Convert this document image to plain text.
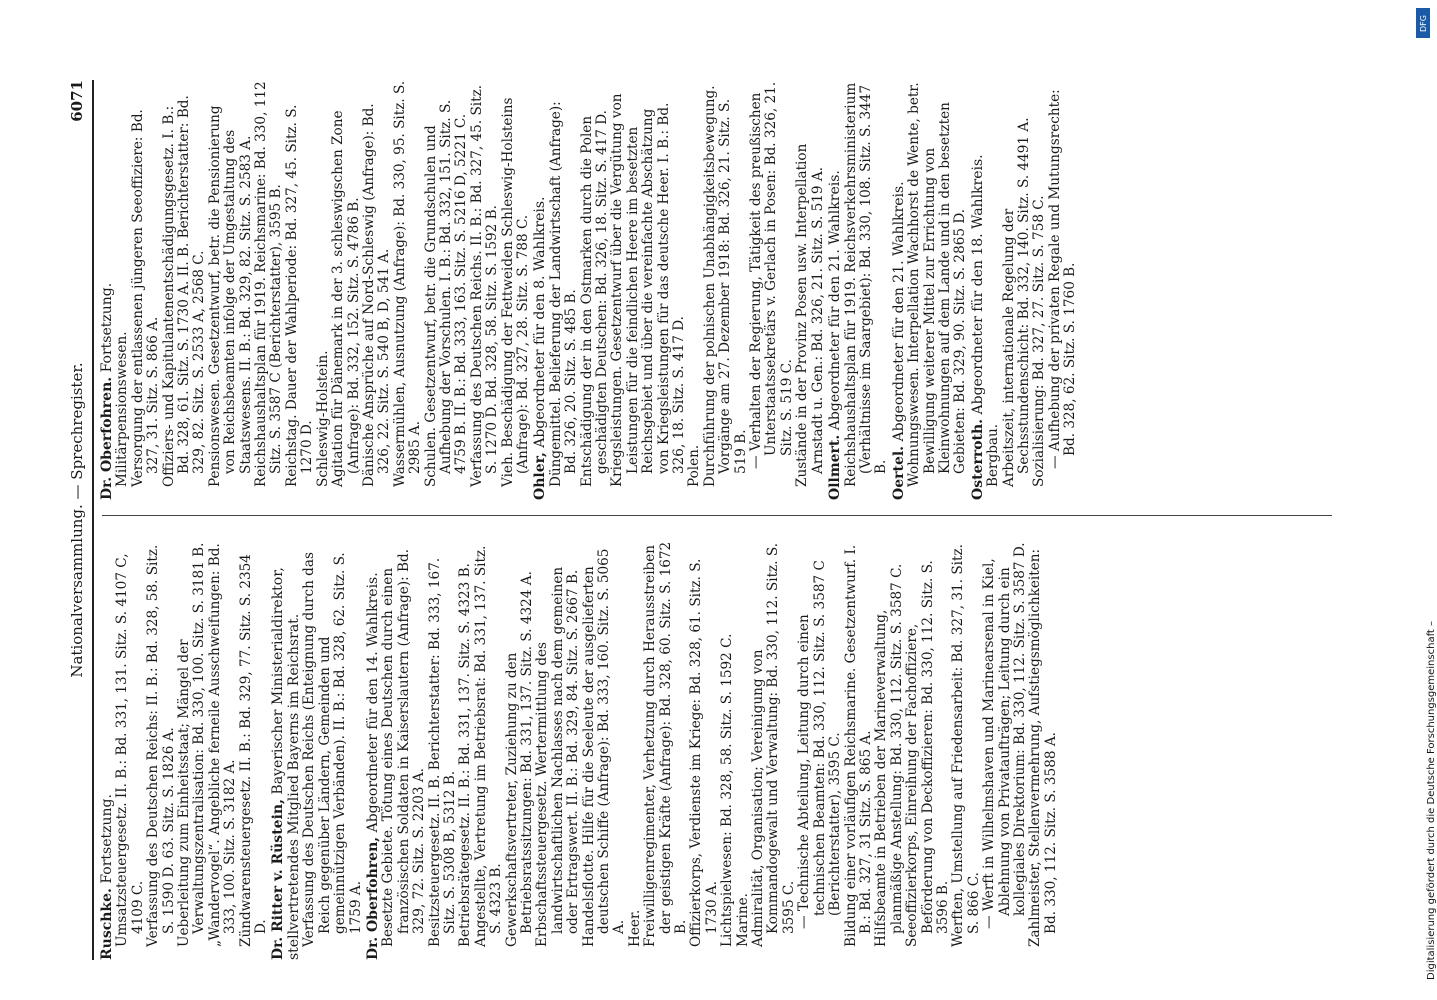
Nationalversammlung. — Sprechregister.
6071
Ruschke. Fortsetzung. Umsatzsteuergesetz. II. B.: Bd. 331, 131. Sitz. S. 4107 C, 4109 C. Verfassung des Deutschen Reichs: II. B.: Bd. 328, 58. Sitz. S. 1590 D. 63. Sitz. S. 1826 A. Ueberleitung zum Einheitsstaat; Mängel der Verwaltungszentralisation: Bd. 330, 100. Sitz. S. 3181 B. „Wandervogel“. Angebliche ferneile Ausschweifungen: Bd. 333, 100. Sitz. S. 3182 A. Zündwarensteuergesetz. II. B.: Bd. 329, 77. Sitz. S. 2354 D. Dr. Ritter v. Rüstein, Bayerischer Ministerialdirektor, stellvertretendes Mitglied Bayerns im Reichsrat. Verfassung des Deutschen Reichs (Enteignung durch das Reich gegenüber Ländern, Gemeinden und gemeinnützigen Verbänden). II. B.: Bd. 328, 62. Sitz. S. 1759 A. Dr. Oberfohren, Abgeordneter für den 14. Wahlkreis. Besetzte Gebiete. Tötung eines Deutschen durch einen französischen Soldaten in Kaiserslautern (Anfrage): Bd. 329, 72. Sitz. S. 2203 A. Besitzsteuergesetz. II. B. Berichterstatter: Bd. 333, 167. Sitz. S. 5308 B, 5312 B. Betriebsrätegesetz. II. B.: Bd. 331, 137. Sitz. S. 4323 B. Angestellte, Vertretung im Betriebsrat: Bd. 331, 137. Sitz. S. 4323 B. Gewerkschaftsvertreter, Zuziehung zu den Betriebsratssitzungen: Bd. 331, 137. Sitz. S. 4324 A. Erbschaftssteuergesetz. Wertermittlung des landwirtschaftlichen Nachlasses nach dem gemeinen oder Ertragswert. II. B.: Bd. 329, 84. Sitz. S. 2667 B. Handelsflotte. Hilfe für die Seeleute der ausgelieferten deutschen Schiffe (Anfrage): Bd. 333, 160. Sitz. S. 5065 A. Heer. Freiwilligenregimenter, Verhetzung durch Herausstreiben der geistigen Kräfte (Anfrage): Bd. 328, 60. Sitz. S. 1672 B. Offizierkorps, Verdienste im Kriege: Bd. 328, 61. Sitz. S. 1730 A. Lichtspielwesen: Bd. 328, 58. Sitz. S. 1592 C. Marine. Admiralität, Organisation; Vereinigung von Kommandogewalt und Verwaltung: Bd. 330, 112. Sitz. S. 3595 C. — Technische Abteilung, Leitung durch einen technischen Beamten: Bd. 330, 112. Sitz. S. 3587 C (Berichterstatter), 3595 C. Bildung einer vorläufigen Reichsmarine. Gesetzentwurf. I. B.: Bd. 327, 31 Sitz. S. 865 A. Hilfsbeamte in Betrieben der Marineverwaltung, planmäßige Anstellung: Bd. 330, 112. Sitz. S. 3587 C. Seeoffizierkorps, Einreihung der Fachoffiziere, Beförderung von Deckoffizieren: Bd. 330, 112. Sitz. S. 3596 B. Werften, Umstellung auf Friedensarbeit: Bd. 327, 31. Sitz. S. 866 C. — Werft in Wilhelmshaven und Marinearsenal in Kiel, Ablehnung von Privataufträgen; Leitung durch ein kollegiales Direktorium: Bd. 330, 112. Sitz. S. 3587 D. Zahlmeister, Stellenvermehrung, Aufstiegsmöglichkeiten: Bd. 330, 112. Sitz. S. 3588 A.
Dr. Oberfohren. Fortsetzung.
Militärpensionswesen. Versorgung der entlassenen jüngeren Seeoffiziere: Bd. 327, 31. Sitz. S. 866 A. Offiziers- und Kapitulantenentschädigungsgesetz. I. B.: Bd. 328, 61. Sitz. S. 1730 A. II. B. Berichterstatter: Bd. 329, 82. Sitz. S. 2533 A, 2568 C. Pensionswesen. Gesetzentwurf, betr. die Pensionierung von Reichsbeamten infolge der Umgestaltung des Staatswesens. II. B.: Bd. 329, 82. Sitz. S. 2583 A. Reichshaushaltsplan für 1919. Reichsmarine: Bd. 330, 112 Sitz. S. 3587 C (Berichterstatter), 3595 B. Reichstag. Dauer der Wahlperiode: Bd. 327, 45. Sitz. S. 1270 D. Schleswig-Holstein. Agitation für Dänemark in der 3. schleswigschen Zone (Anfrage): Bd. 332, 152. Sitz. S. 4786 B. Dänische Ansprüche auf Nord-Schleswig (Anfrage): Bd. 326, 22. Sitz. S. 540 B, D, 541 A. Wassermühlen, Ausnutzung (Anfrage): Bd. 330, 95. Sitz. S. 2985 A. Schulen. Gesetzentwurf, betr. die Grundschulen und Aufhebung der Vorschulen. I. B.: Bd. 332, 151. Sitz. S. 4759 B. II. B.: Bd. 333, 163. Sitz. S. 5216 D, 5221 C. Verfassung des Deutschen Reichs. II. B.: Bd. 327, 45. Sitz. S. 1270 D. Bd. 328, 58. Sitz. S. 1592 B. Vieh. Beschädigung der Fettweiden Schleswig-Holsteins (Anfrage): Bd. 327, 28. Sitz. S. 788 C.
Ohler, Abgeordneter für den 8. Wahlkreis. Düngemittel. Belieferung der Landwirtschaft (Anfrage): Bd. 326, 20. Sitz. S. 485 B. Entschädigung der in den Ostmarken durch die Polen geschädigten Deutschen: Bd. 326, 18. Sitz. S. 417 D. Kriegsleistungen. Gesetzentwurf über die Vergütung von Leistungen für die feindlichen Heere im besetzten Reichsgebiet und über die vereinfachte Abschätzung von Kriegsleistungen für das deutsche Heer. I. B.: Bd. 326, 18. Sitz. S. 417 D. Polen. Durchführung der polnischen Unabhängigkeitsbewegung. Vorgänge am 27. Dezember 1918: Bd. 326, 21. Sitz. S. 519 B. — Verhalten der Regierung, Tätigkeit des preußischen Unterstaatssekretärs v. Gerlach in Posen: Bd. 326, 21. Sitz. S. 519 C. Zustände in der Provinz Posen usw. Interpellation Arnstadt u. Gen.: Bd. 326, 21. Sitz. S. 519 A. Ollmert. Abgeordneter für den 21. Wahlkreis. Reichshaushaltsplan für 1919. Reichsverkehrsministerium (Verhältnisse im Saargebiet): Bd. 330, 108. Sitz. S. 3447 B. Oertel. Abgeordneter für den 21. Wahlkreis. Wohnungswesen. Interpellation Wachhorst de Wente, betr. Bewilligung weiterer Mittel zur Errichtung von Kleinwohnungen auf dem Lande und in den besetzten Gebieten: Bd. 329, 90. Sitz. S. 2865 D. Osterroth. Abgeordneter für den 18. Wahlkreis.
Bergbau. Arbeitszeit, internationale Regelung der Sechsstundenschicht: Bd. 332, 140. Sitz. S. 4491 A. Sozialisierung: Bd. 327, 27. Sitz. S. 758 C. — Aufhebung der privaten Regale und Mutungsrechte: Bd. 328, 62. Sitz. S. 1760 B.
DFG
Digitalisierung gefördert durch die Deutsche Forschungsgemeinschaft –
